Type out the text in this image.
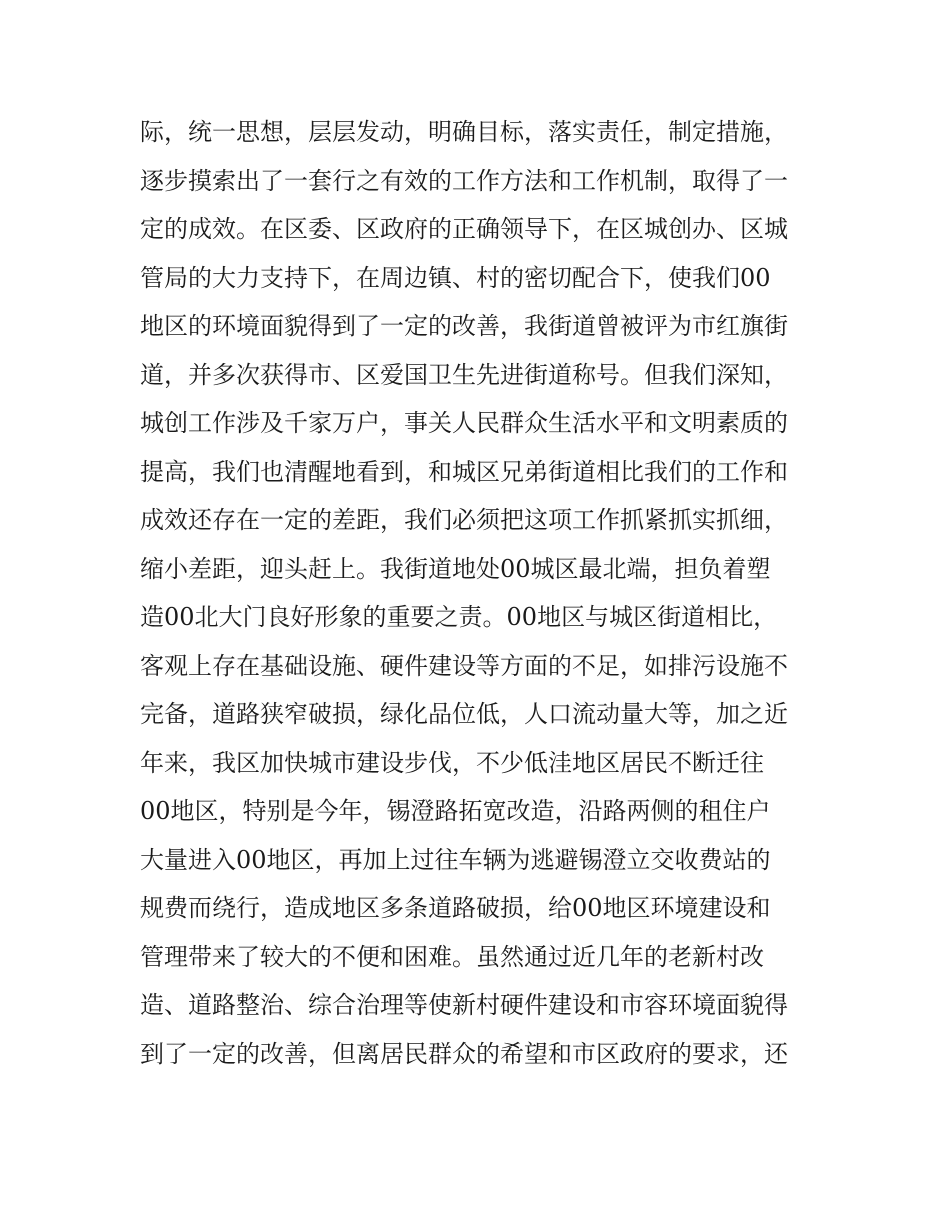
际，统一思想，层层发动，明确目标，落实责任，制定措施，
逐步摸索出了一套行之有效的工作方法和工作机制，取得了一
定的成效。在区委、区政府的正确领导下，在区城创办、区城
管局的大力支持下，在周边镇、村的密切配合下，使我们00
地区的环境面貌得到了一定的改善，我街道曾被评为市红旗街
道，并多次获得市、区爱国卫生先进街道称号。但我们深知，
城创工作涉及千家万户，事关人民群众生活水平和文明素质的
提高，我们也清醒地看到，和城区兄弟街道相比我们的工作和
成效还存在一定的差距，我们必须把这项工作抓紧抓实抓细，
缩小差距，迎头赶上。我街道地处00城区最北端，担负着塑
造00北大门良好形象的重要之责。00地区与城区街道相比，
客观上存在基础设施、硬件建设等方面的不足，如排污设施不
完备，道路狭窄破损，绿化品位低，人口流动量大等，加之近
年来，我区加快城市建设步伐，不少低洼地区居民不断迁往
00地区，特别是今年，锡澄路拓宽改造，沿路两侧的租住户
大量进入00地区，再加上过往车辆为逃避锡澄立交收费站的
规费而绕行，造成地区多条道路破损，给00地区环境建设和
管理带来了较大的不便和困难。虽然通过近几年的老新村改
造、道路整治、综合治理等使新村硬件建设和市容环境面貌得
到了一定的改善，但离居民群众的希望和市区政府的要求，还
